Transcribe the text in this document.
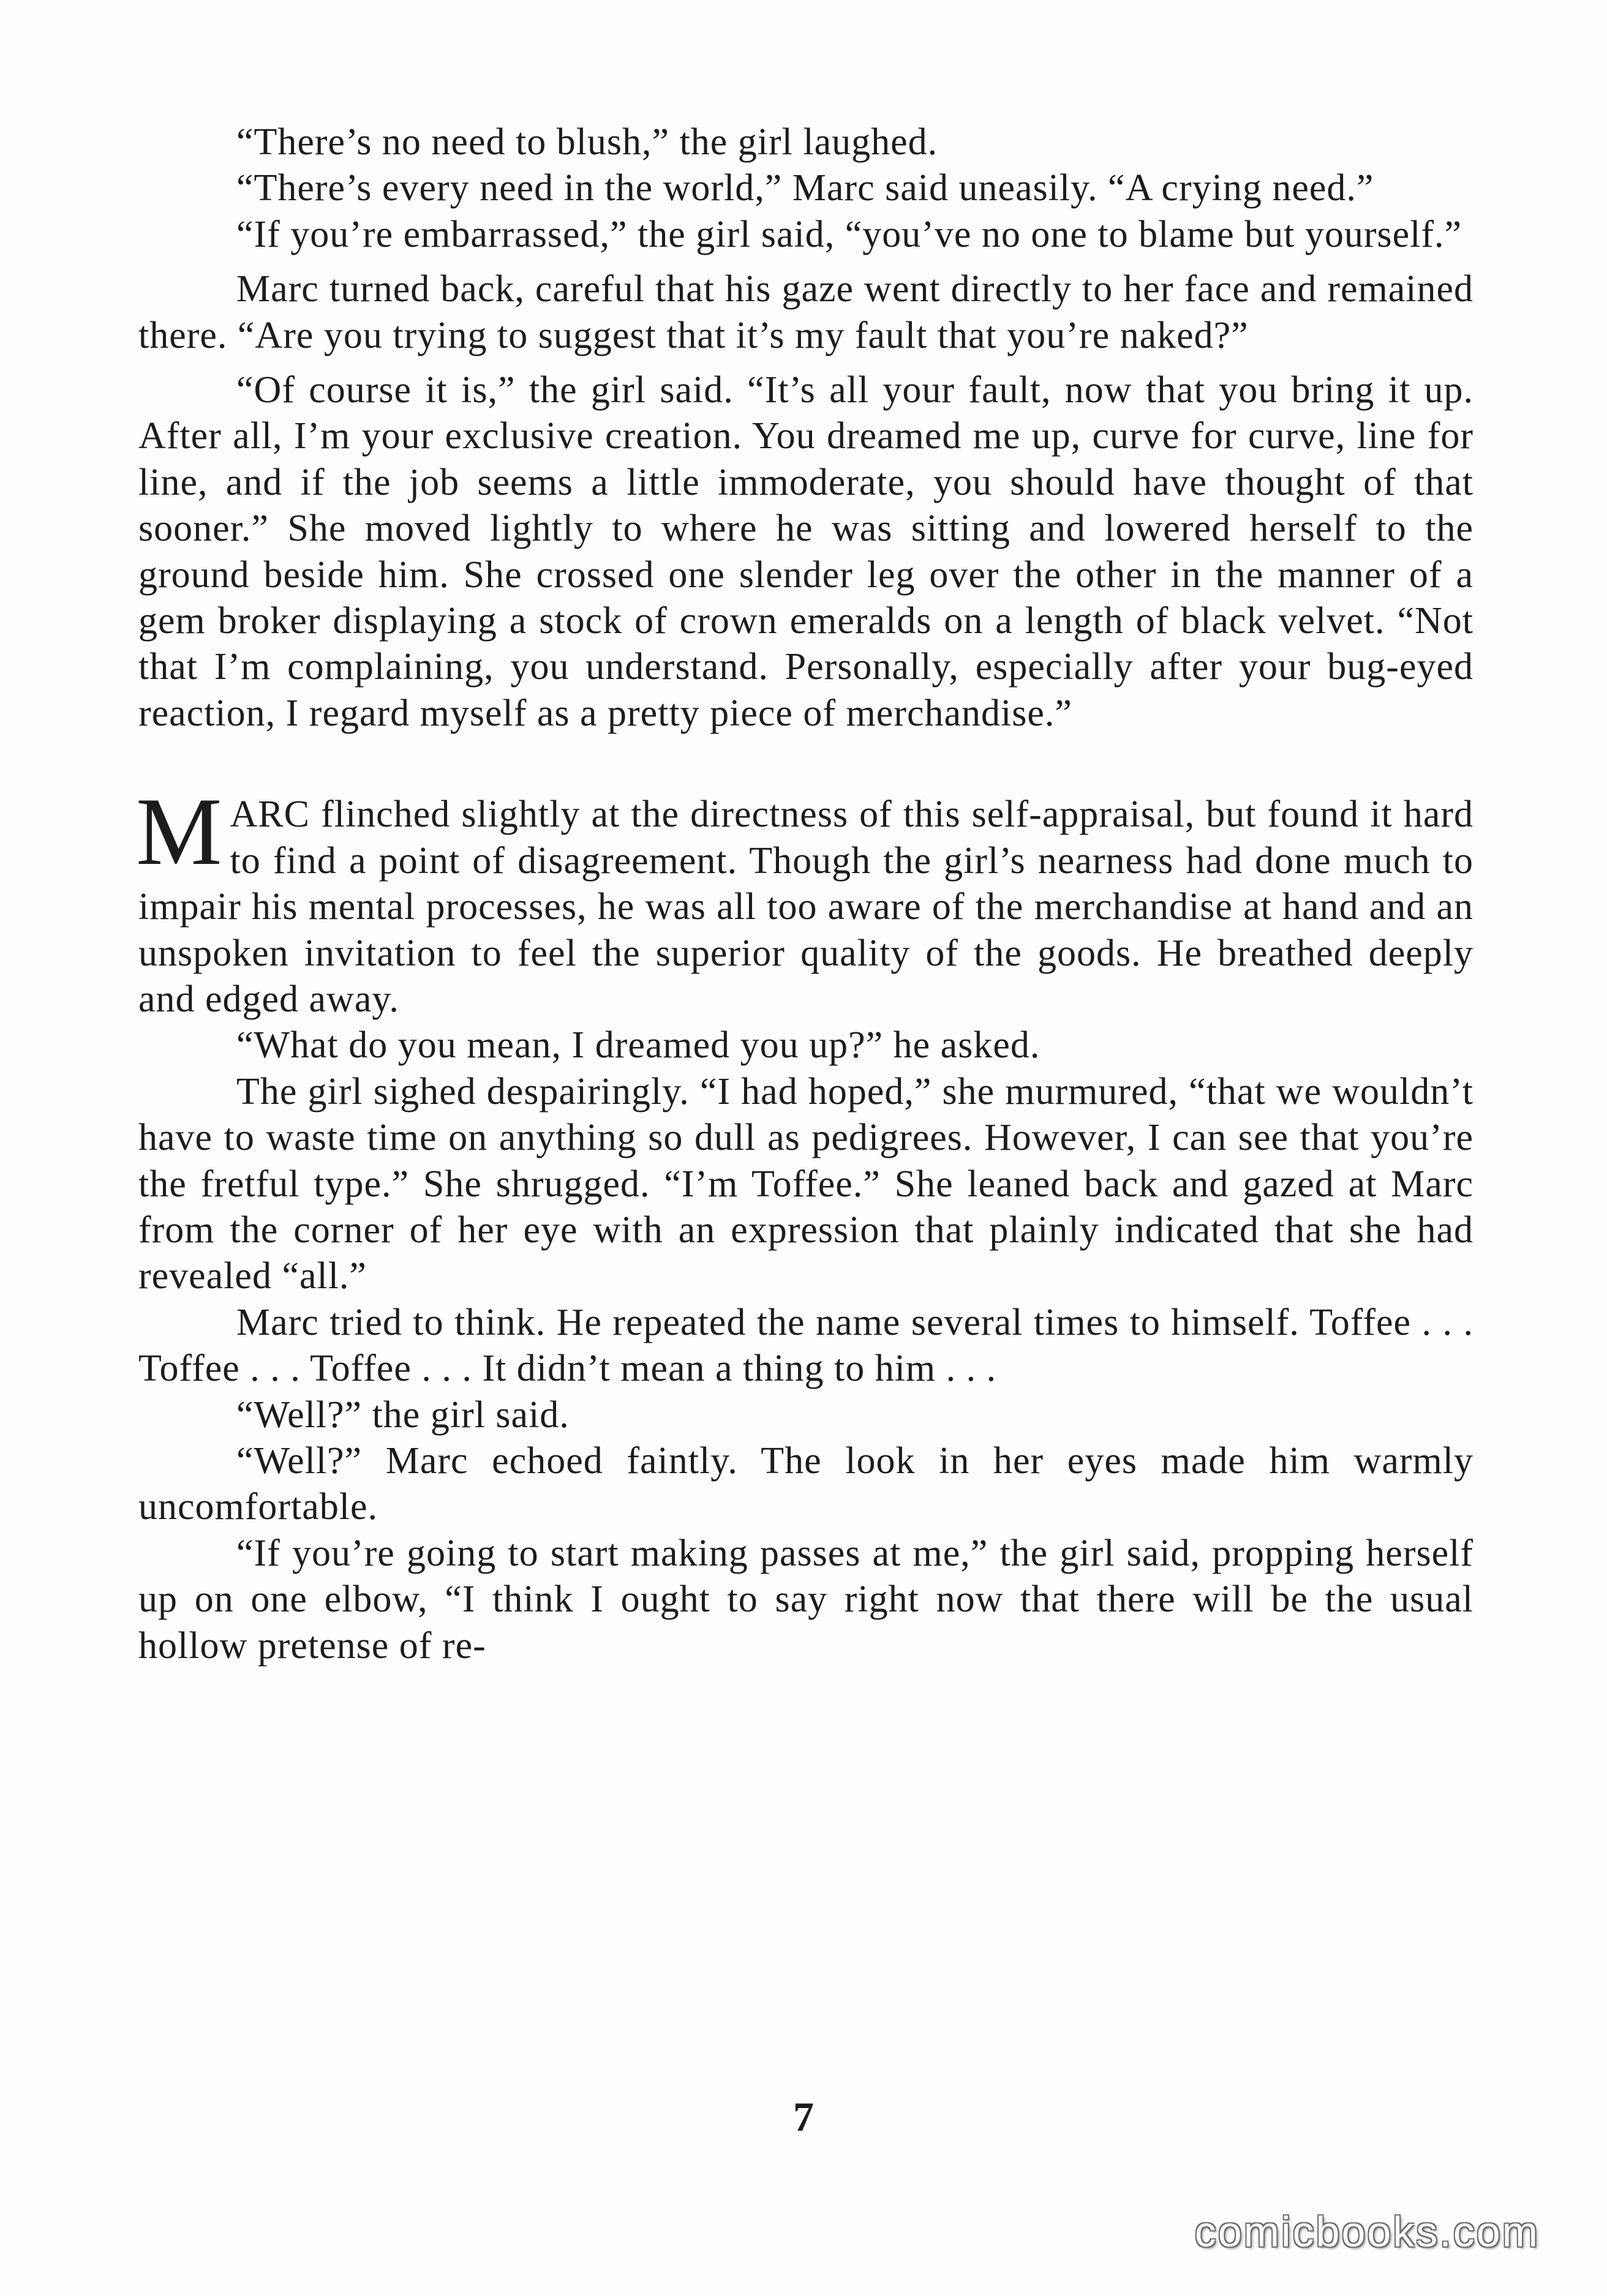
“There’s no need to blush,” the girl laughed.

“There’s every need in the world,” Marc said uneasily. “A crying need.”

“If you’re embarrassed,” the girl said, “you’ve no one to blame but yourself.”

Marc turned back, careful that his gaze went directly to her face and remained there. “Are you trying to suggest that it’s my fault that you’re naked?”

“Of course it is,” the girl said. “It’s all your fault, now that you bring it up. After all, I’m your exclusive creation. You dreamed me up, curve for curve, line for line, and if the job seems a little immoderate, you should have thought of that sooner.” She moved lightly to where he was sitting and lowered herself to the ground beside him. She crossed one slender leg over the other in the manner of a gem broker displaying a stock of crown emeralds on a length of black velvet. “Not that I’m complaining, you understand. Personally, especially after your bug-eyed reaction, I regard myself as a pretty piece of merchandise.”

MARC flinched slightly at the directness of this self-appraisal, but found it hard to find a point of disagreement. Though the girl’s nearness had done much to impair his mental processes, he was all too aware of the merchandise at hand and an unspoken invitation to feel the superior quality of the goods. He breathed deeply and edged away.

“What do you mean, I dreamed you up?” he asked.

The girl sighed despairingly. “I had hoped,” she murmured, “that we wouldn’t have to waste time on anything so dull as pedigrees. However, I can see that you’re the fretful type.” She shrugged. “I’m Toffee.” She leaned back and gazed at Marc from the corner of her eye with an expression that plainly indicated that she had revealed “all.”

Marc tried to think. He repeated the name several times to himself. Toffee . . . Toffee . . . Toffee . . . It didn’t mean a thing to him . . .

“Well?” the girl said.

“Well?” Marc echoed faintly. The look in her eyes made him warmly uncomfortable.

“If you’re going to start making passes at me,” the girl said, propping herself up on one elbow, “I think I ought to say right now that there will be the usual hollow pretense of re-

7
comicbooks.com
